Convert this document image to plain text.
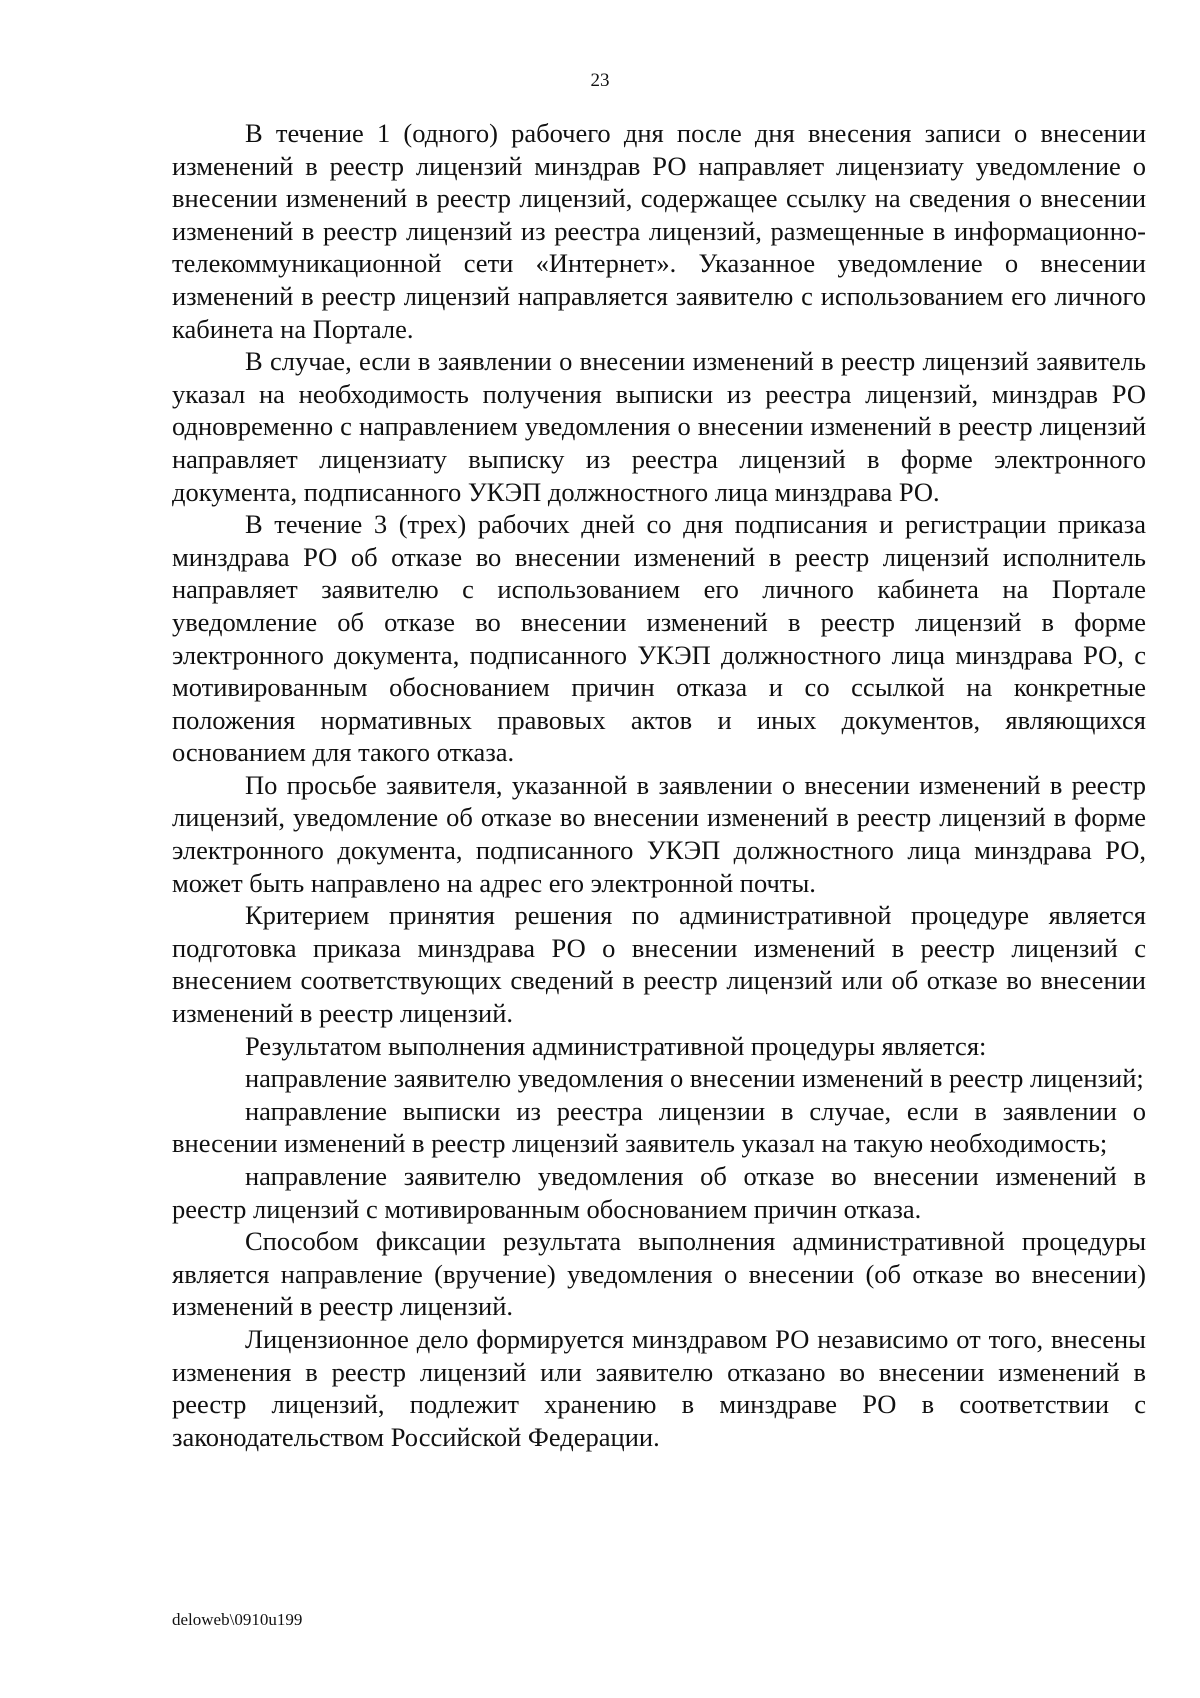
23

В течение 1 (одного) рабочего дня после дня внесения записи о внесении изменений в реестр лицензий минздрав РО направляет лицензиату уведомление о внесении изменений в реестр лицензий, содержащее ссылку на сведения о внесении изменений в реестр лицензий из реестра лицензий, размещенные в информационно-телекоммуникационной сети «Интернет». Указанное уведомление о внесении изменений в реестр лицензий направляется заявителю с использованием его личного кабинета на Портале.

В случае, если в заявлении о внесении изменений в реестр лицензий заявитель указал на необходимость получения выписки из реестра лицензий, минздрав РО одновременно с направлением уведомления о внесении изменений в реестр лицензий направляет лицензиату выписку из реестра лицензий в форме электронного документа, подписанного УКЭП должностного лица минздрава РО.

В течение 3 (трех) рабочих дней со дня подписания и регистрации приказа минздрава РО об отказе во внесении изменений в реестр лицензий исполнитель направляет заявителю с использованием его личного кабинета на Портале уведомление об отказе во внесении изменений в реестр лицензий в форме электронного документа, подписанного УКЭП должностного лица минздрава РО, с мотивированным обоснованием причин отказа и со ссылкой на конкретные положения нормативных правовых актов и иных документов, являющихся основанием для такого отказа.

По просьбе заявителя, указанной в заявлении о внесении изменений в реестр лицензий, уведомление об отказе во внесении изменений в реестр лицензий в форме электронного документа, подписанного УКЭП должностного лица минздрава РО, может быть направлено на адрес его электронной почты.

Критерием принятия решения по административной процедуре является подготовка приказа минздрава РО о внесении изменений в реестр лицензий с внесением соответствующих сведений в реестр лицензий или об отказе во внесении изменений в реестр лицензий.

Результатом выполнения административной процедуры является:

направление заявителю уведомления о внесении изменений в реестр лицензий;

направление выписки из реестра лицензии в случае, если в заявлении о внесении изменений в реестр лицензий заявитель указал на такую необходимость;

направление заявителю уведомления об отказе во внесении изменений в реестр лицензий с мотивированным обоснованием причин отказа.

Способом фиксации результата выполнения административной процедуры является направление (вручение) уведомления о внесении (об отказе во внесении) изменений в реестр лицензий.

Лицензионное дело формируется минздравом РО независимо от того, внесены изменения в реестр лицензий или заявителю отказано во внесении изменений в реестр лицензий, подлежит хранению в минздраве РО в соответствии с законодательством Российской Федерации.

deloweb\0910u199
